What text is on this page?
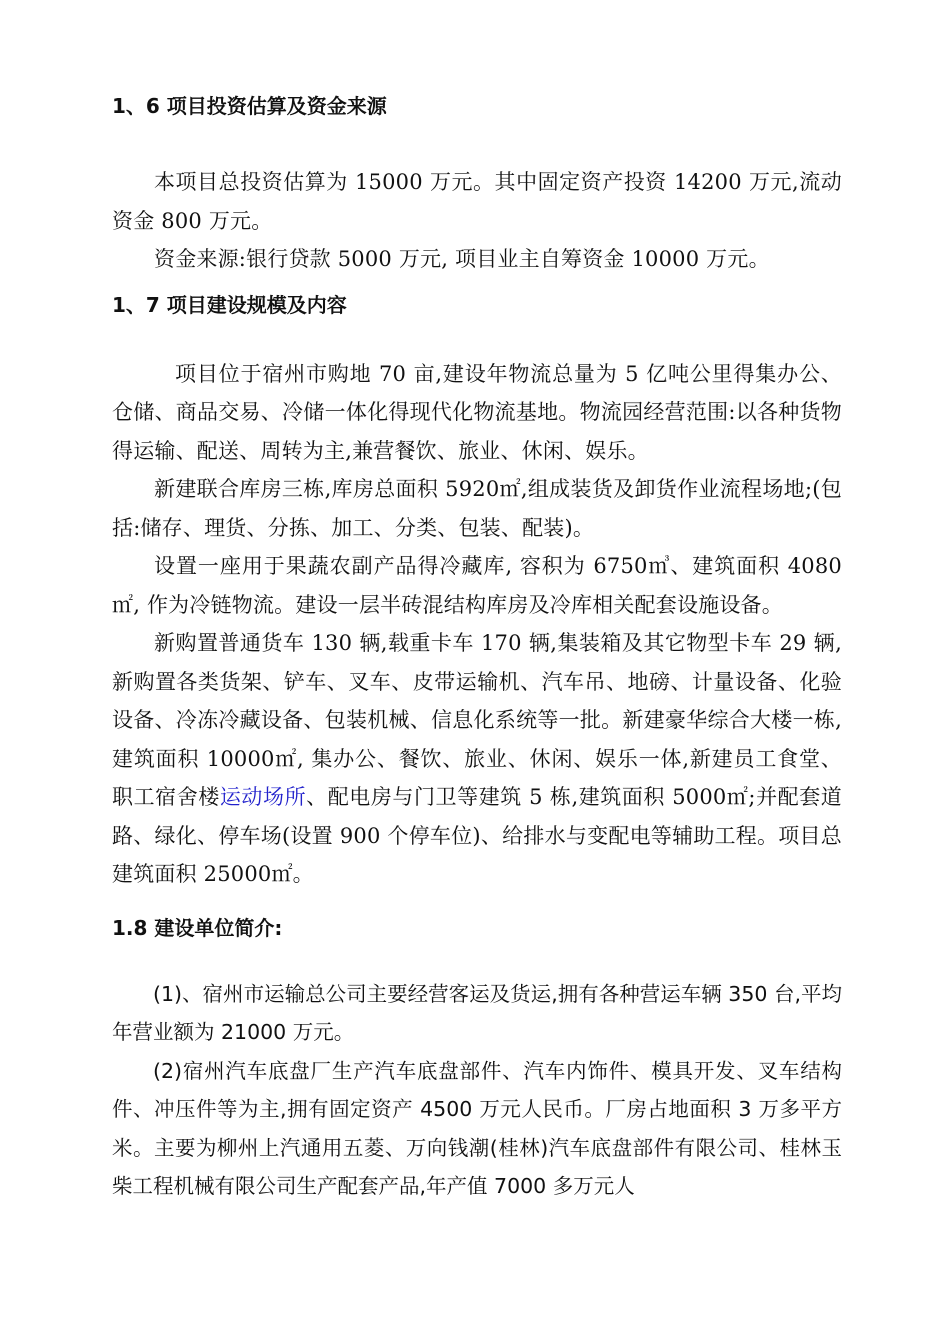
1、6 项目投资估算及资金来源

本项目总投资估算为 15000 万元。其中固定资产投资 14200 万元,流动资金 800 万元。

资金来源:银行贷款 5000 万元, 项目业主自筹资金 10000 万元。

1、7 项目建设规模及内容

项目位于宿州市购地 70 亩,建设年物流总量为 5 亿吨公里得集办公、仓储、商品交易、冷储一体化得现代化物流基地。物流园经营范围:以各种货物得运输、配送、周转为主,兼营餐饮、旅业、休闲、娱乐。

新建联合库房三栋,库房总面积 5920㎡,组成装货及卸货作业流程场地;(包括:储存、理货、分拣、加工、分类、包装、配装)。

设置一座用于果蔬农副产品得冷藏库, 容积为 6750㎥、建筑面积 4080㎡, 作为冷链物流。建设一层半砖混结构库房及冷库相关配套设施设备。

新购置普通货车 130 辆,载重卡车 170 辆,集装箱及其它物型卡车 29 辆,新购置各类货架、铲车、叉车、皮带运输机、汽车吊、地磅、计量设备、化验设备、冷冻冷藏设备、包装机械、信息化系统等一批。新建豪华综合大楼一栋,建筑面积 10000㎡, 集办公、餐饮、旅业、休闲、娱乐一体,新建员工食堂、职工宿舍楼运动场所、配电房与门卫等建筑 5 栋,建筑面积 5000㎡;并配套道路、绿化、停车场(设置 900 个停车位)、给排水与变配电等辅助工程。项目总建筑面积 25000㎡。

1.8 建设单位简介:

(1)、宿州市运输总公司主要经营客运及货运,拥有各种营运车辆 350 台,平均年营业额为 21000 万元。

(2)宿州汽车底盘厂生产汽车底盘部件、汽车内饰件、模具开发、叉车结构件、冲压件等为主,拥有固定资产 4500 万元人民币。厂房占地面积 3 万多平方米。主要为柳州上汽通用五菱、万向钱潮(桂林)汽车底盘部件有限公司、桂林玉柴工程机械有限公司生产配套产品,年产值 7000 多万元人
